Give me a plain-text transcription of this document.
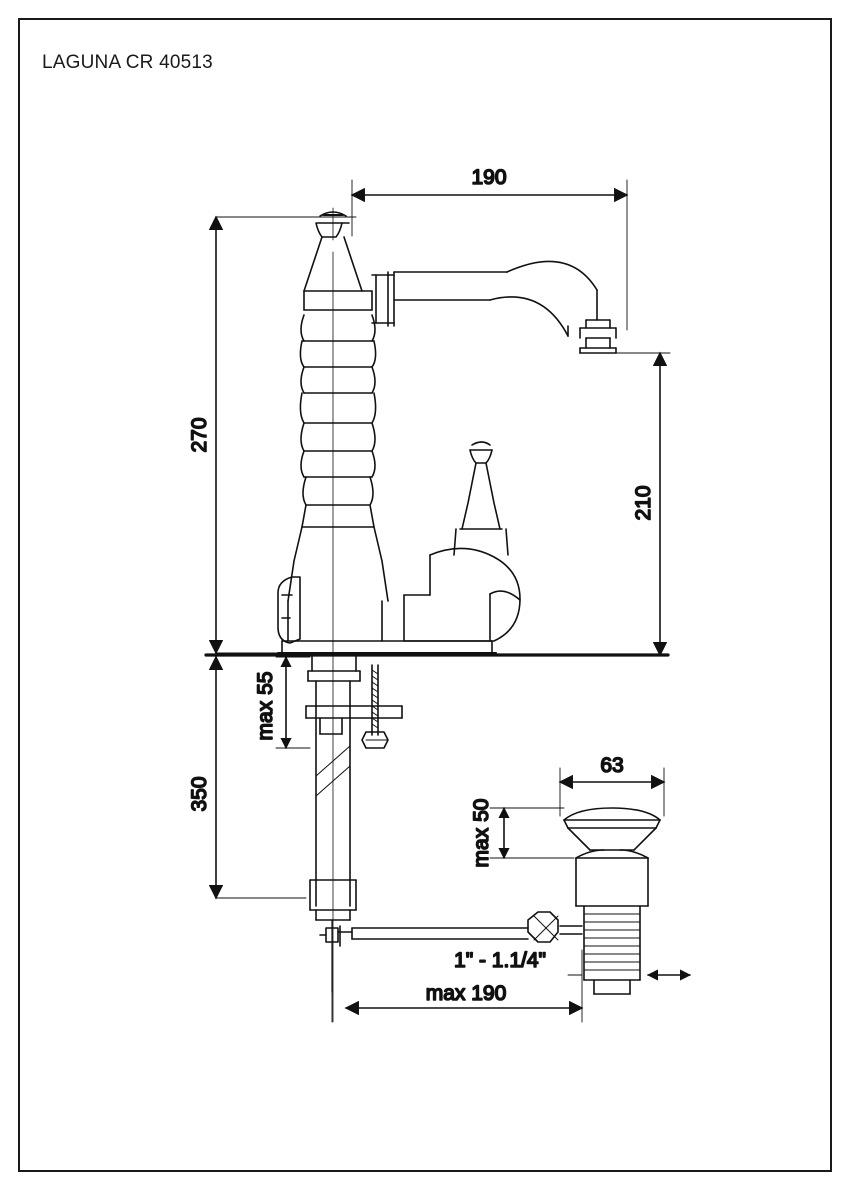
LAGUNA CR 40513
190
270
210
max 55
350
63
max 50
1" - 1.1/4"
max 190
